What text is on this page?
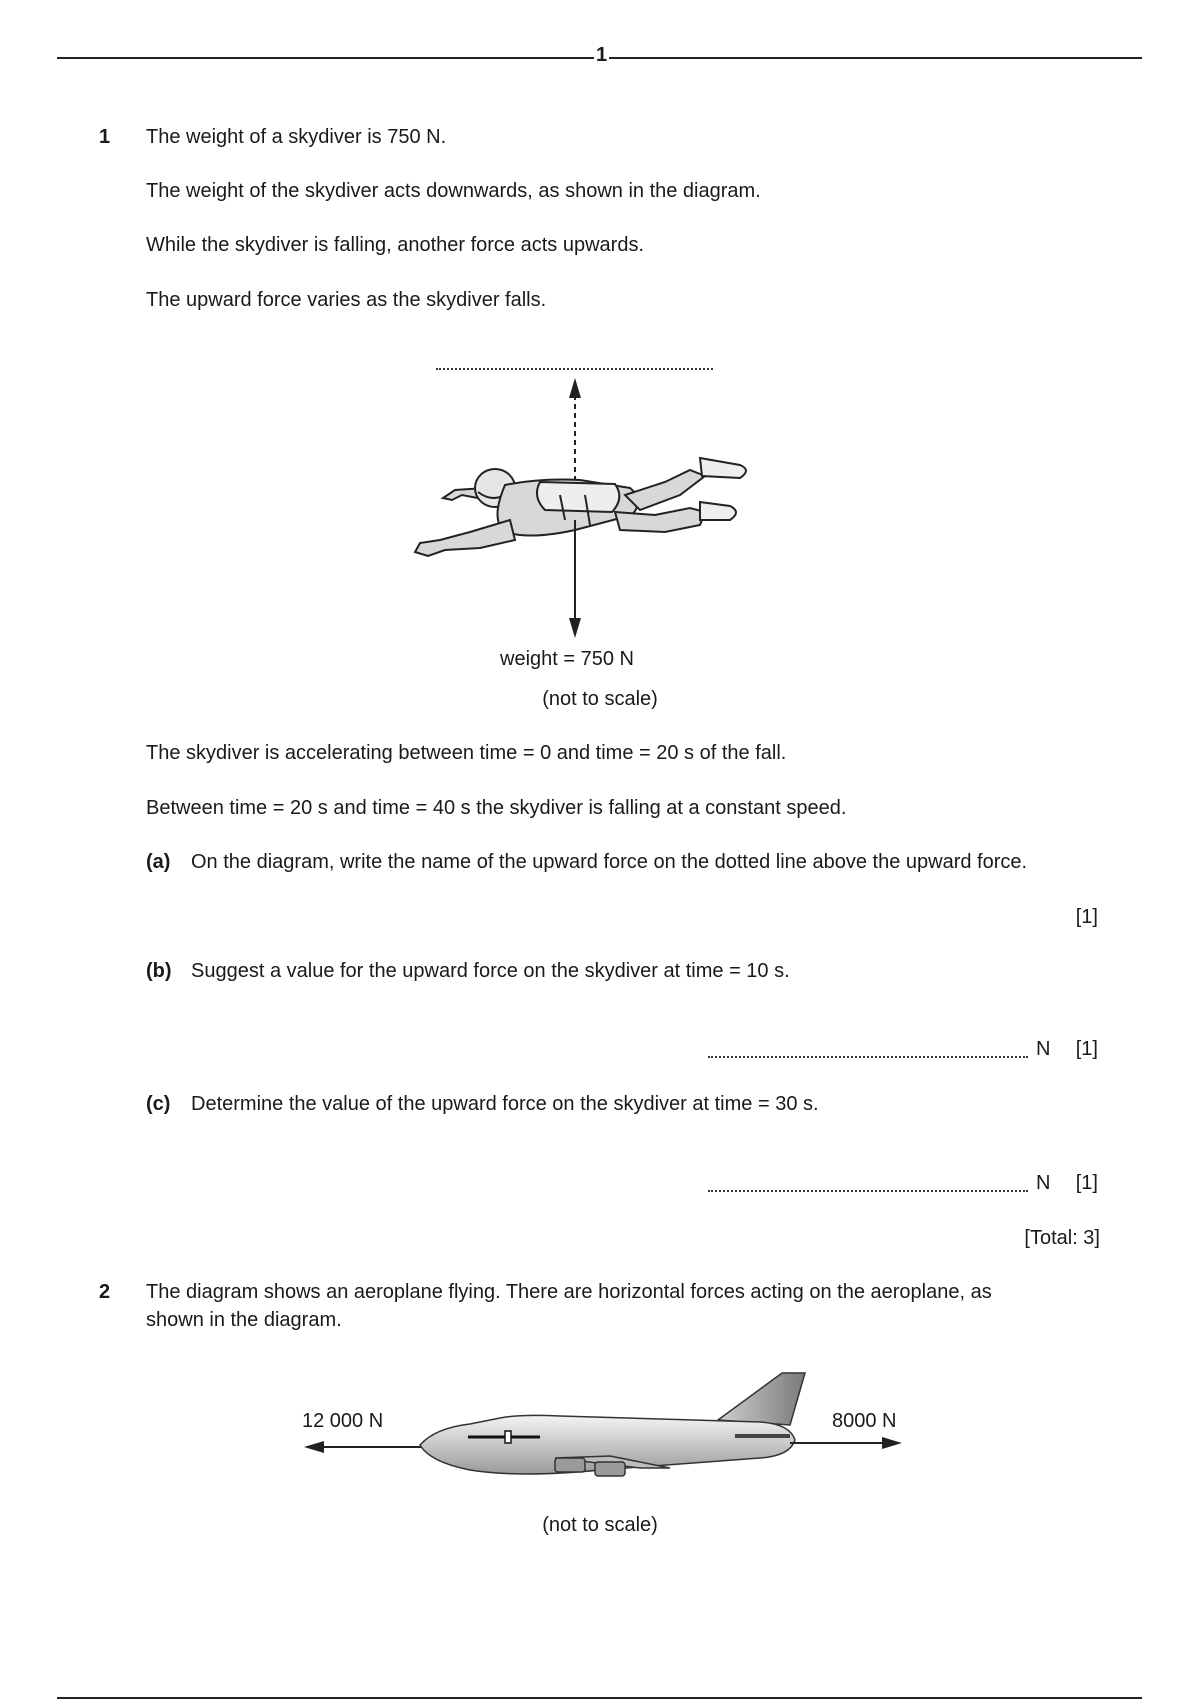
1
1 The weight of a skydiver is 750 N.
The weight of the skydiver acts downwards, as shown in the diagram.
While the skydiver is falling, another force acts upwards.
The upward force varies as the skydiver falls.
weight = 750 N
(not to scale)
The skydiver is accelerating between time = 0 and time = 20 s of the fall.
Between time = 20 s and time = 40 s the skydiver is falling at a constant speed.
(a) On the diagram, write the name of the upward force on the dotted line above the upward force.
[1]
(b) Suggest a value for the upward force on the skydiver at time = 10 s.
N [1]
(c) Determine the value of the upward force on the skydiver at time = 30 s.
N [1]
[Total: 3]
2 The diagram shows an aeroplane flying. There are horizontal forces acting on the aeroplane, as
shown in the diagram.
12 000 N	8000 N
(not to scale)
